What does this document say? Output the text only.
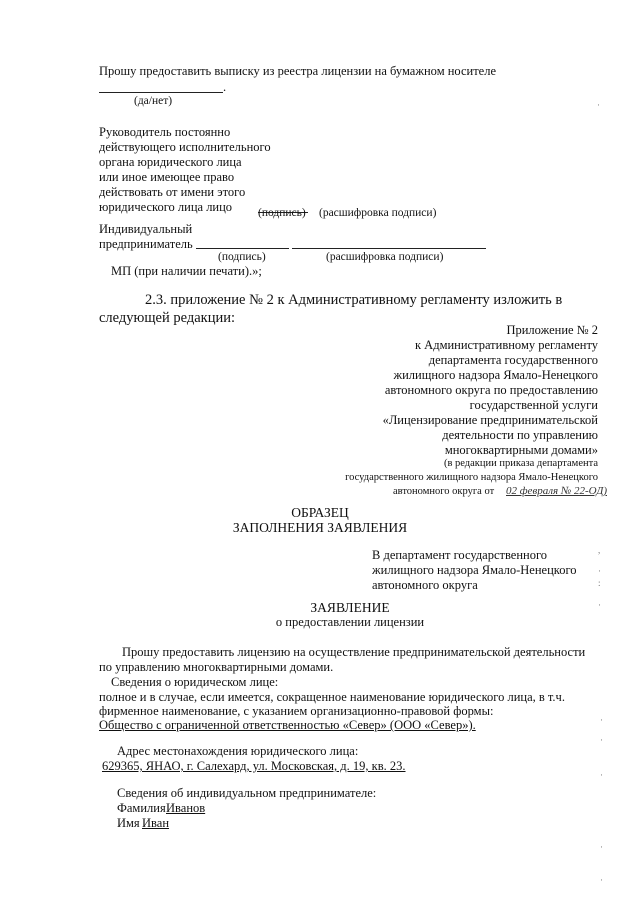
Прошу предоставить выписку из реестра лицензии на бумажном носителе
.
(да/нет)
Руководитель постоянно
действующего исполнительного
органа юридического лица
или иное имеющее право
действовать от имени этого
юридического лица лицо (подпись) (расшифровка подписи)
Индивидуальный
предприниматель
(подпись)	(расшифровка подписи)
МП (при наличии печати).»;
2.3. приложение № 2 к Административному регламенту изложить в
следующей редакции:
Приложение № 2
к Административному регламенту
департамента государственного
жилищного надзора Ямало-Ненецкого
автономного округа по предоставлению
государственной услуги
«Лицензирование предпринимательской
деятельности по управлению
многоквартирными домами»
(в редакции приказа департамента
государственного жилищного надзора Ямало-Ненецкого
автономного округа от 02 февраля № 22-ОД)
ОБРАЗЕЦ
ЗАПОЛНЕНИЯ ЗАЯВЛЕНИЯ
В департамент государственного
жилищного надзора Ямало-Ненецкого
автономного округа
ЗАЯВЛЕНИЕ
о предоставлении лицензии
Прошу предоставить лицензию на осуществление предпринимательской деятельности
по управлению многоквартирными домами.
Сведения о юридическом лице:
полное и в случае, если имеется, сокращенное наименование юридического лица, в т.ч.
фирменное наименование, с указанием организационно-правовой формы:
Общество с ограниченной ответственностью «Север» (ООО «Север»).
Адрес местонахождения юридического лица:
629365, ЯНАО, г. Салехард, ул. Московская, д. 19, кв. 23.
Сведения об индивидуальном предпринимателе:
Фамилия Иванов
Имя Иван
·
,
·
:
·
·
·
·
·
·
